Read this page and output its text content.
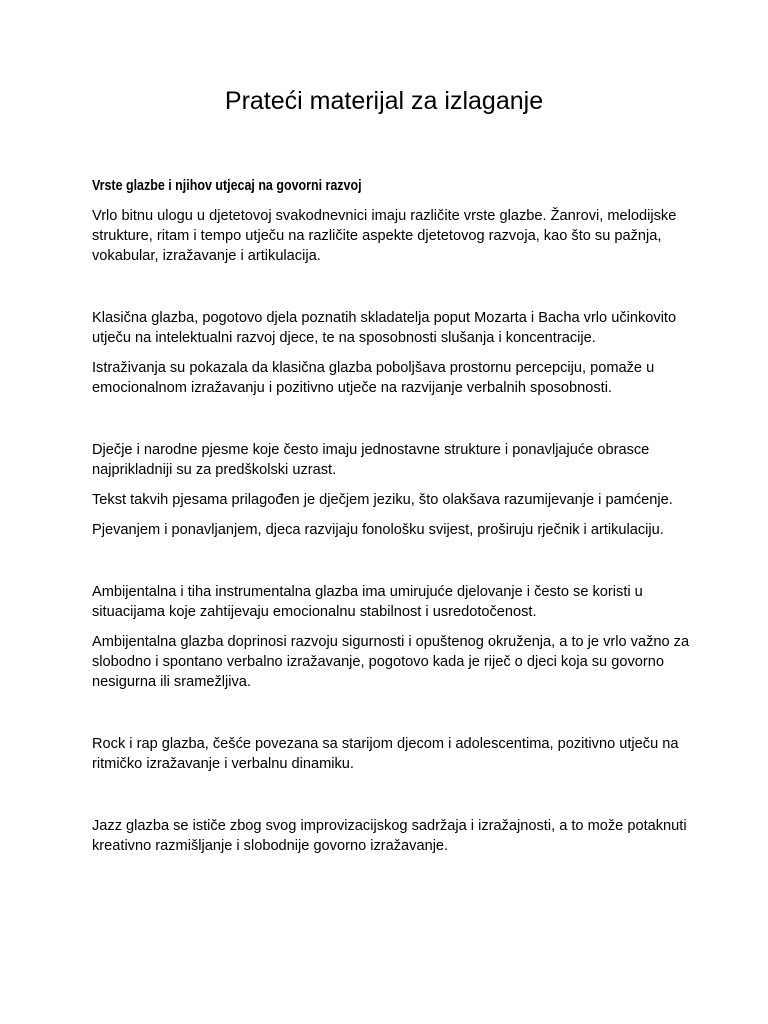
Prateći materijal za izlaganje

Vrste glazbe i njihov utjecaj na govorni razvoj

Vrlo bitnu ulogu u djetetovoj svakodnevnici imaju različite vrste glazbe. Žanrovi, melodijske strukture, ritam i tempo utječu na različite aspekte djetetovog razvoja, kao što su pažnja, vokabular, izražavanje i artikulacija.

Klasična glazba, pogotovo djela poznatih skladatelja poput Mozarta i Bacha vrlo učinkovito utječu na intelektualni razvoj djece, te na sposobnosti slušanja i koncentracije.

Istraživanja su pokazala da klasična glazba poboljšava prostornu percepciju, pomaže u emocionalnom izražavanju i pozitivno utječe na razvijanje verbalnih sposobnosti.

Dječje i narodne pjesme koje često imaju jednostavne strukture i ponavljajuće obrasce najprikladniji su za predškolski uzrast.

Tekst takvih pjesama prilagođen je dječjem jeziku, što olakšava razumijevanje i pamćenje.

Pjevanjem i ponavljanjem, djeca razvijaju fonološku svijest, proširuju rječnik i artikulaciju.

Ambijentalna i tiha instrumentalna glazba ima umirujuće djelovanje i često se koristi u situacijama koje zahtijevaju emocionalnu stabilnost i usredotočenost.

Ambijentalna glazba doprinosi razvoju sigurnosti i opuštenog okruženja, a to je vrlo važno za slobodno i spontano verbalno izražavanje, pogotovo kada je riječ o djeci koja su govorno nesigurna ili sramežljiva.

Rock i rap glazba, češće povezana sa starijom djecom i adolescentima, pozitivno utječu na ritmičko izražavanje i verbalnu dinamiku.

Jazz glazba se ističe zbog svog improvizacijskog sadržaja i izražajnosti, a to može potaknuti kreativno razmišljanje i slobodnije govorno izražavanje.
